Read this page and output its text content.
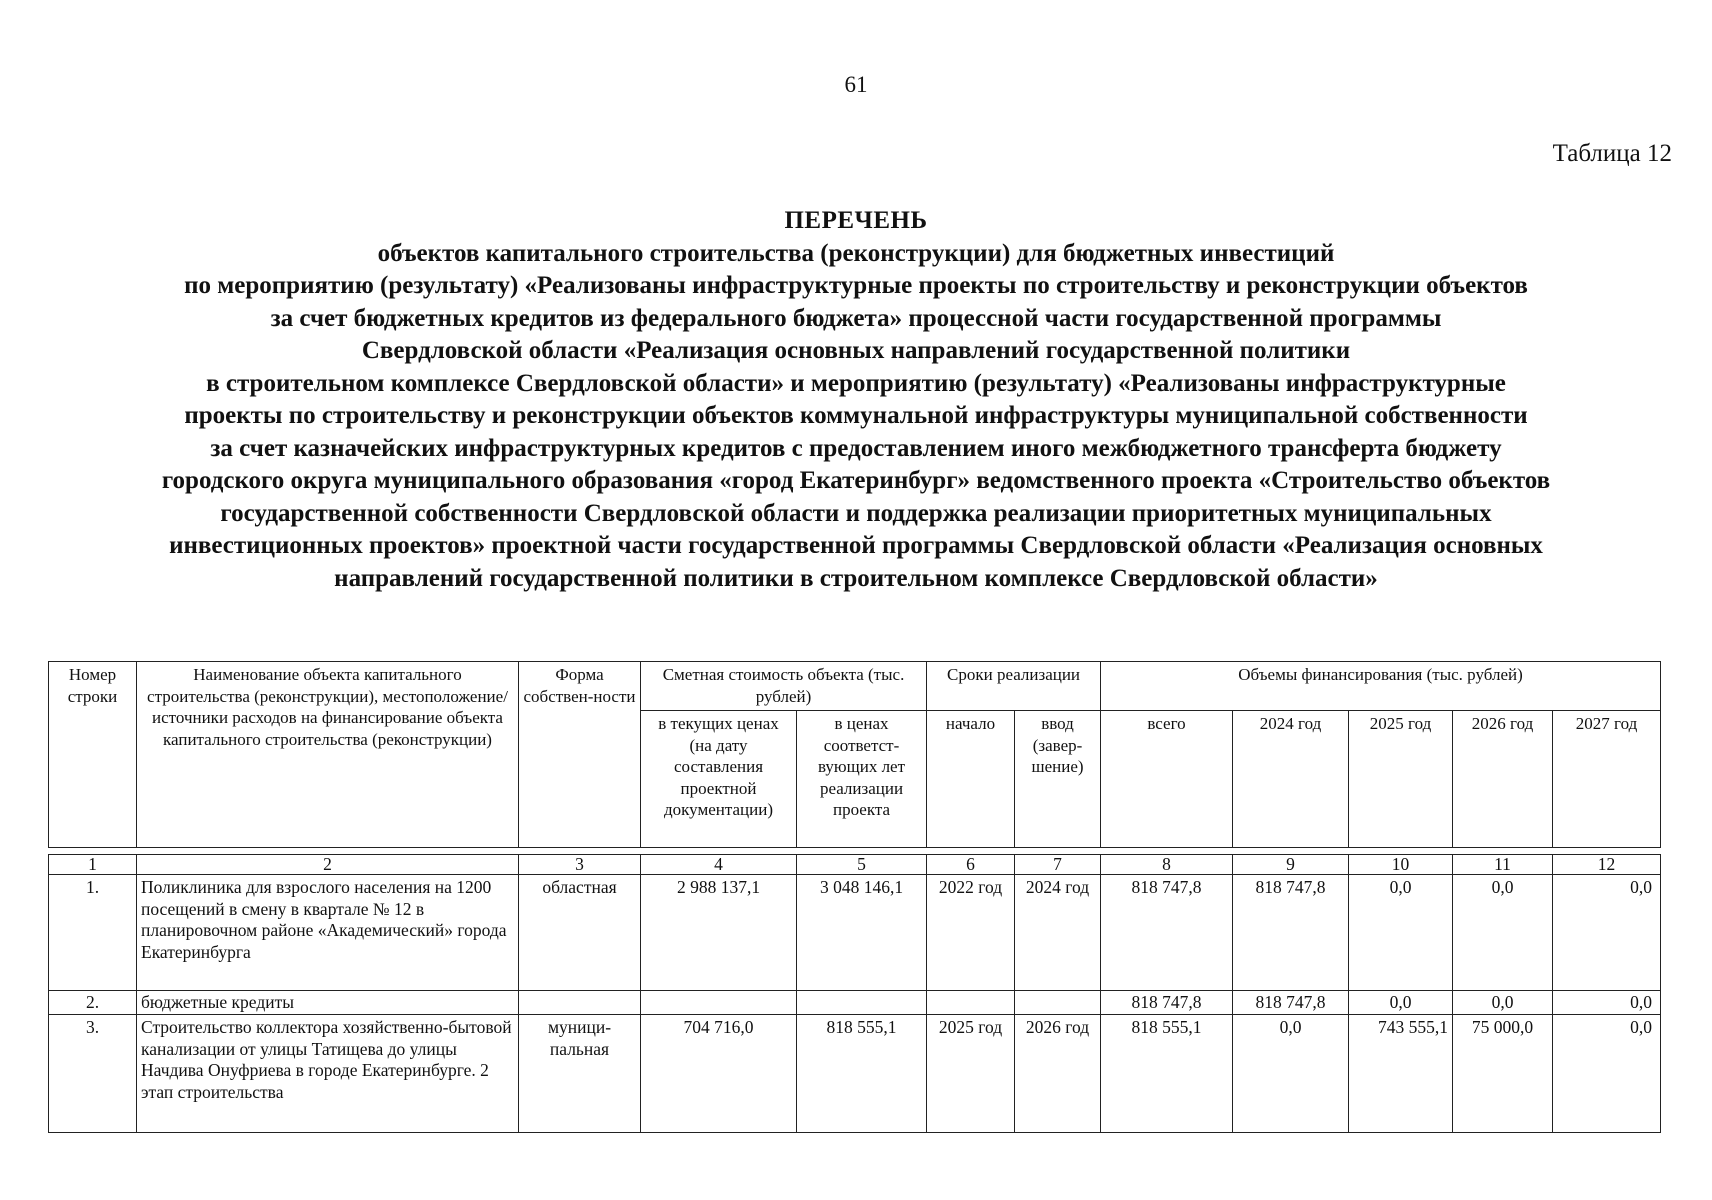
61
Таблица 12
ПЕРЕЧЕНЬ
объектов капитального строительства (реконструкции) для бюджетных инвестиций
по мероприятию (результату) «Реализованы инфраструктурные проекты по строительству и реконструкции объектов
за счет бюджетных кредитов из федерального бюджета» процессной части государственной программы
Свердловской области «Реализация основных направлений государственной политики
в строительном комплексе Свердловской области» и мероприятию (результату) «Реализованы инфраструктурные
проекты по строительству и реконструкции объектов коммунальной инфраструктуры муниципальной собственности
за счет казначейских инфраструктурных кредитов с предоставлением иного межбюджетного трансферта бюджету
городского округа муниципального образования «город Екатеринбург» ведомственного проекта «Строительство объектов
государственной собственности Свердловской области и поддержка реализации приоритетных муниципальных
инвестиционных проектов» проектной части государственной программы Свердловской области «Реализация основных
направлений государственной политики в строительном комплексе Свердловской области»
Номер строки	Наименование объекта капитального строительства (реконструкции), местоположение/ источники расходов на финансирование объекта капитального строительства (реконструкции)	Форма собствен-ности	Сметная стоимость объекта (тыс. рублей)		Сроки реализации		Объемы финансирования (тыс. рублей)				
			в текущих ценах (на дату составления проектной документации)	в ценах соответст-вующих лет реализации проекта	начало	ввод (завер-шение)	всего	2024 год	2025 год	2026 год	2027 год
1	2	3	4	5	6	7	8	9	10	11	12
1.	Поликлиника для взрослого населения на 1200 посещений в смену в квартале № 12 в планировочном районе «Академический» города Екатеринбурга	областная	2 988 137,1	3 048 146,1	2022 год	2024 год	818 747,8	818 747,8	0,0	0,0	0,0
2.	бюджетные кредиты						818 747,8	818 747,8	0,0	0,0	0,0
3.	Строительство коллектора хозяйственно-бытовой канализации от улицы Татищева до улицы Начдива Онуфриева в городе Екатеринбурге. 2 этап строительства	муници-пальная	704 716,0	818 555,1	2025 год	2026 год	818 555,1	0,0	743 555,1	75 000,0	0,0
